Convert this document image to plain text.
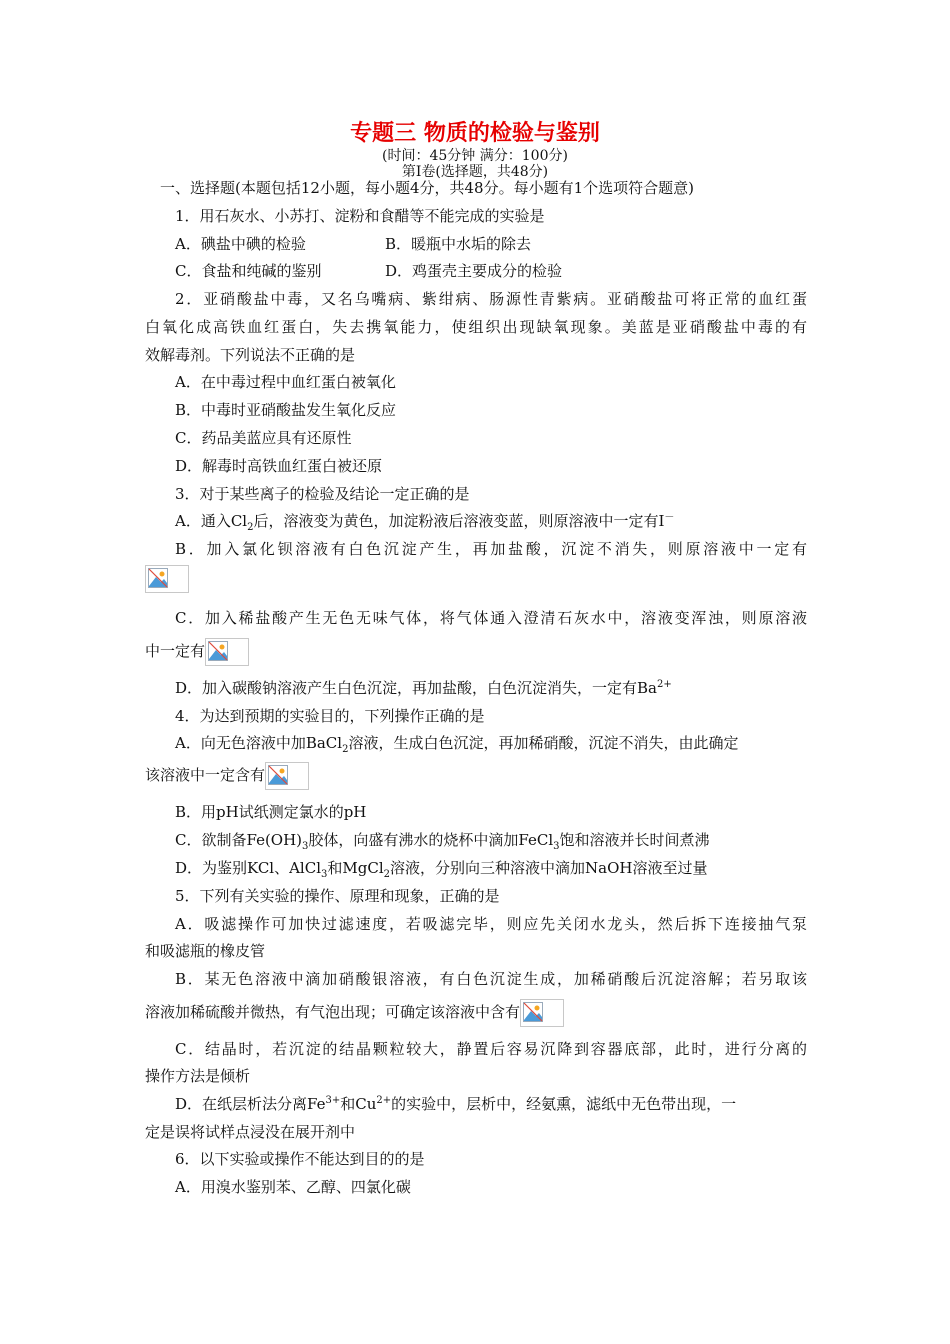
专题三 物质的检验与鉴别
(时间：45分钟 满分：100分)
第Ⅰ卷(选择题，共48分)
一、选择题(本题包括12小题，每小题4分，共48分。每小题有1个选项符合题意)
1．用石灰水、小苏打、淀粉和食醋等不能完成的实验是
A．碘盐中碘的检验	B．暖瓶中水垢的除去
C．食盐和纯碱的鉴别	D．鸡蛋壳主要成分的检验
2．亚硝酸盐中毒，又名乌嘴病、紫绀病、肠源性青紫病。亚硝酸盐可将正常的血红蛋
白氧化成高铁血红蛋白，失去携氧能力，使组织出现缺氧现象。美蓝是亚硝酸盐中毒的有
效解毒剂。下列说法不正确的是
A．在中毒过程中血红蛋白被氧化
B．中毒时亚硝酸盐发生氧化反应
C．药品美蓝应具有还原性
D．解毒时高铁血红蛋白被还原
3．对于某些离子的检验及结论一定正确的是
A．通入$Cl_2$后，溶液变为黄色，加淀粉液后溶液变蓝，则原溶液中一定有I－
B．加入氯化钡溶液有白色沉淀产生，再加盐酸，沉淀不消失，则原溶液中一定有
C．加入稀盐酸产生无色无味气体，将气体通入澄清石灰水中，溶液变浑浊，则原溶液
中一定有
D．加入碳酸钠溶液产生白色沉淀，再加盐酸，白色沉淀消失，一定有$Ba^{2+}$
4．为达到预期的实验目的，下列操作正确的是
A．向无色溶液中加BaCl$_2$溶液，生成白色沉淀，再加稀硝酸，沉淀不消失，由此确定
该溶液中一定含有
B．用pH试纸测定氯水的pH
C．欲制备$Fe(OH)_3$胶体，向盛有沸水的烧杯中滴加FeCl$_3$饱和溶液并长时间煮沸
D．为鉴别KCl、AlCl$_3$和MgCl$_2$溶液，分别向三种溶液中滴加NaOH溶液至过量
5．下列有关实验的操作、原理和现象，正确的是
A．吸滤操作可加快过滤速度，若吸滤完毕，则应先关闭水龙头，然后拆下连接抽气泵
和吸滤瓶的橡皮管
B．某无色溶液中滴加硝酸银溶液，有白色沉淀生成，加稀硝酸后沉淀溶解；若另取该
溶液加稀硫酸并微热，有气泡出现；可确定该溶液中含有
C．结晶时，若沉淀的结晶颗粒较大，静置后容易沉降到容器底部，此时，进行分离的
操作方法是倾析
D．在纸层析法分离$Fe^{3+}$和$Cu^{2+}$的实验中，层析中，经氨熏，滤纸中无色带出现，一
定是误将试样点浸没在展开剂中
6．以下实验或操作不能达到目的的是
A．用溴水鉴别苯、乙醇、四氯化碳
